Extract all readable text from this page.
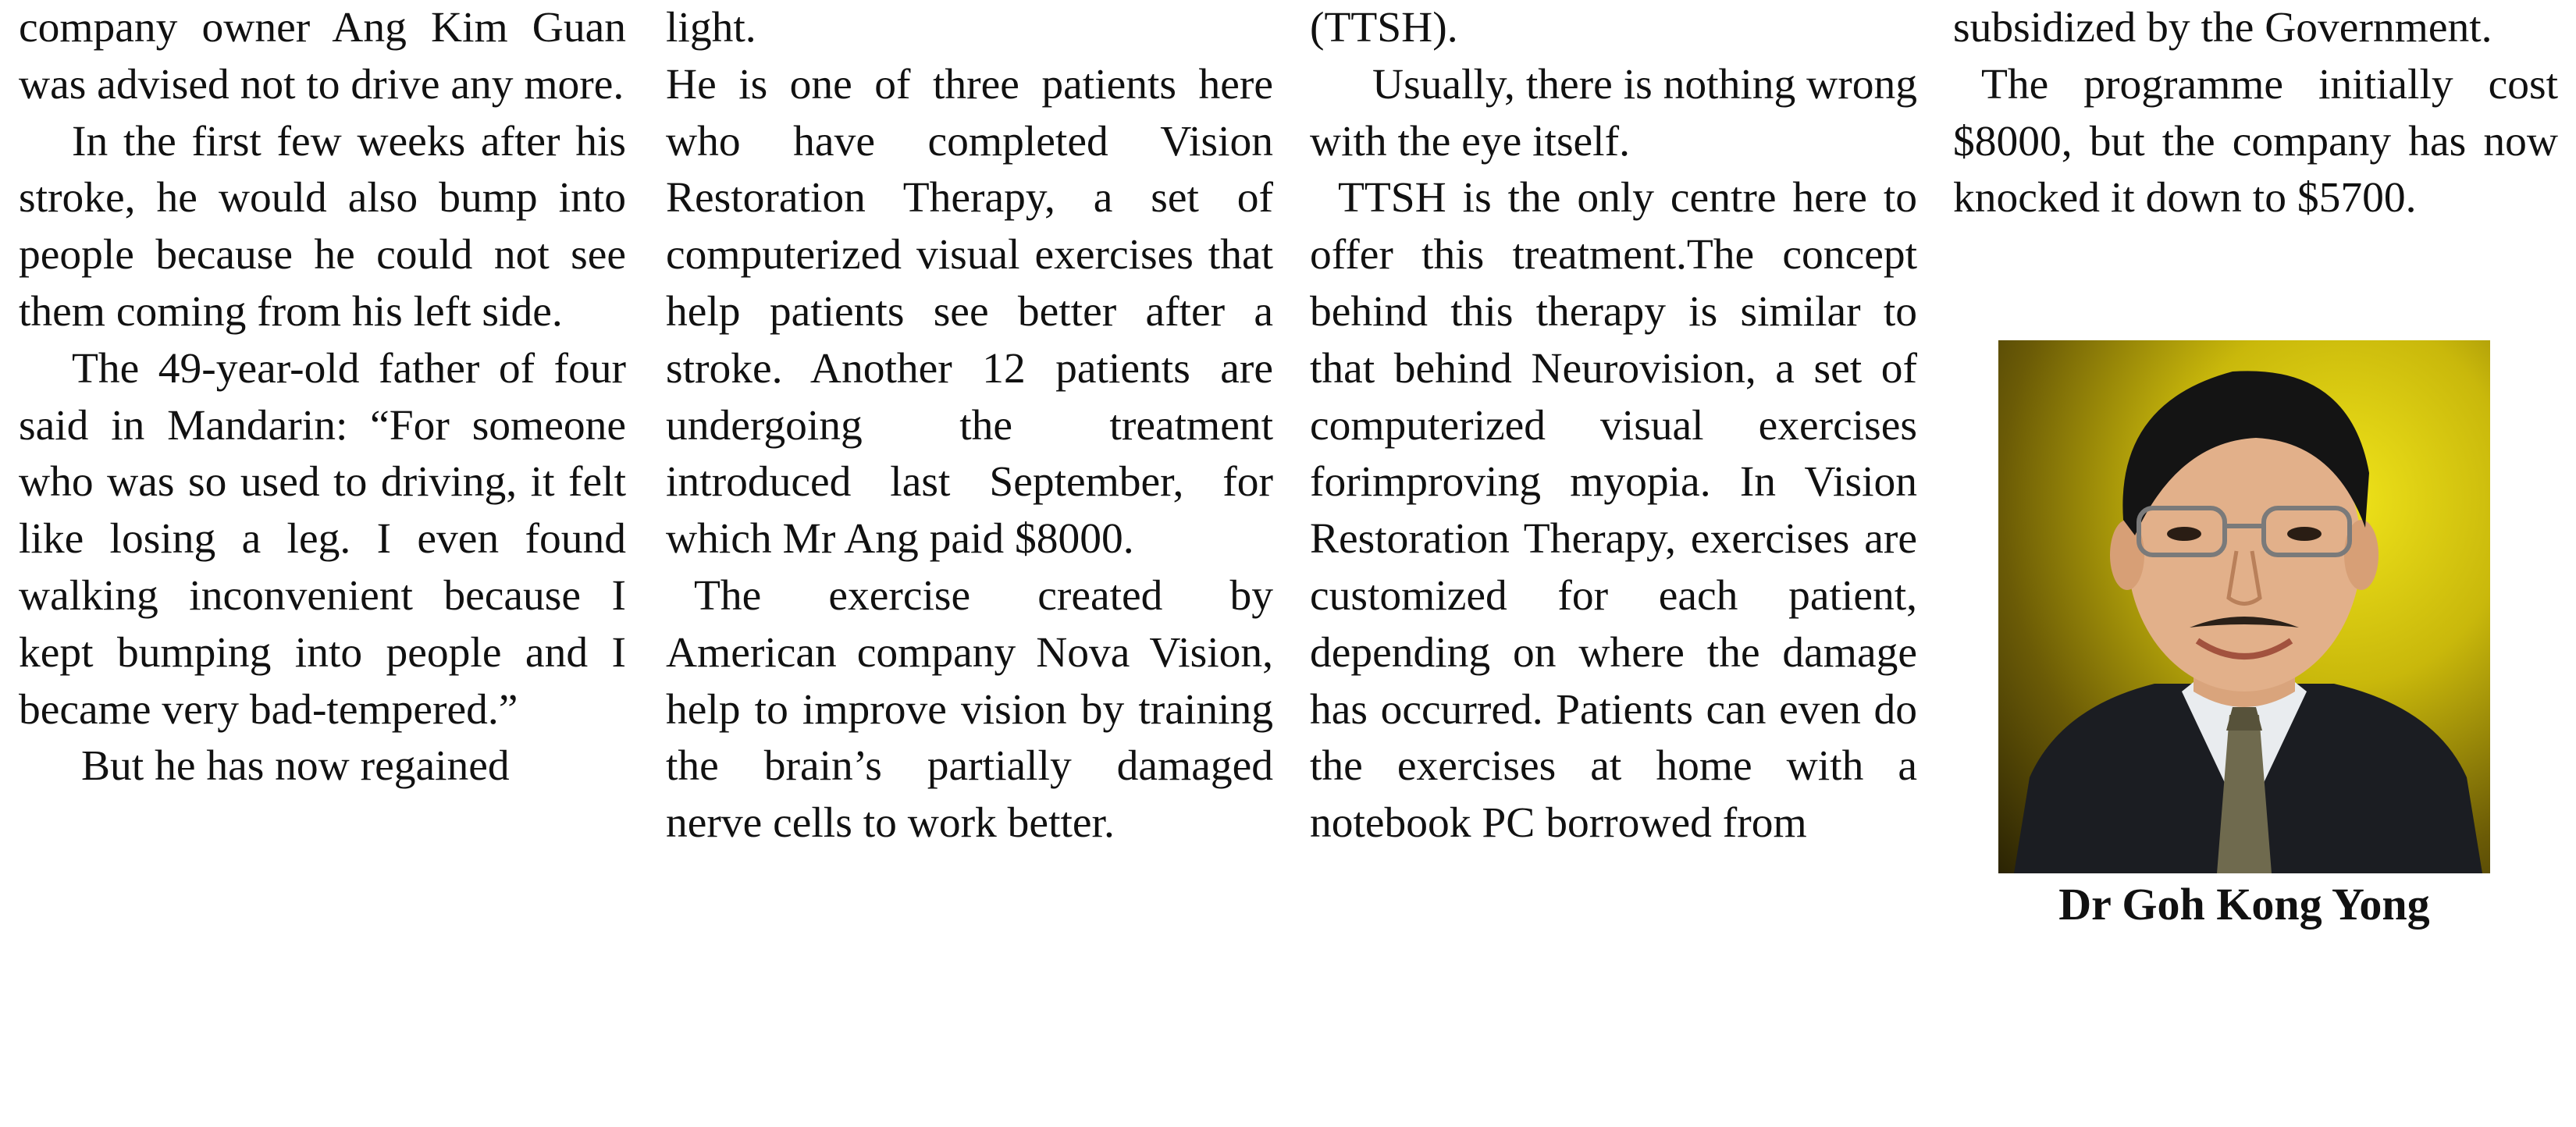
company owner Ang Kim Guan was advised not to drive any more.

In the first few weeks after his stroke, he would also bump into people because he could not see them coming from his left side.

The 49-year-old father of four said in Mandarin: “For someone who was so used to driving, it felt like losing a leg. I even found walking inconvenient because I kept bumping into people and I became very bad-tempered.”

But he has now regained

light.

He is one of three patients here who have completed Vision Restoration Therapy, a set of computerized visual exercises that help patients see better after a stroke. Another 12 patients are undergoing the treatment introduced last September, for which Mr Ang paid $8000.

The exercise created by American company Nova Vision, help to improve vision by training the brain’s partially damaged nerve cells to work better.

(TTSH).

Usually, there is nothing wrong with the eye itself.

TTSH is the only centre here to offer this treatment.The concept behind this therapy is similar to that behind Neurovision, a set of computerized visual exercises forimproving myopia. In Vision Restoration Therapy, exercises are customized for each patient, depending on where the damage has occurred. Patients can even do the exercises at home with a notebook PC borrowed from

subsidized by the Government.

The programme initially cost $8000, but the company has now knocked it down to $5700.

Dr Goh Kong Yong
